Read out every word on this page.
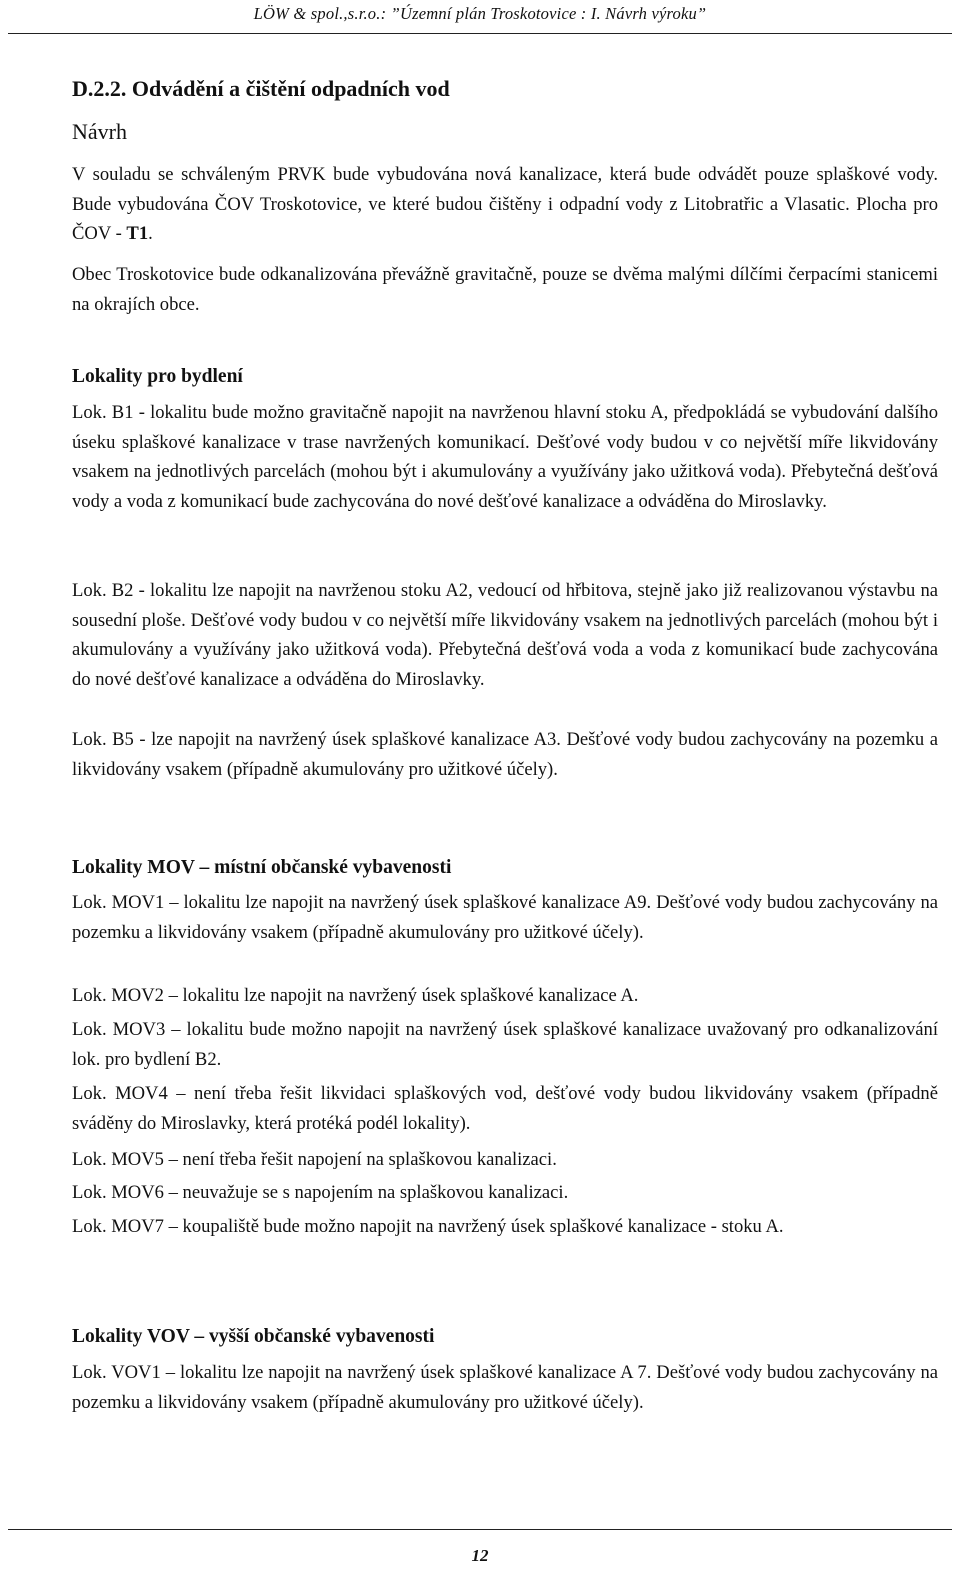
LÖW & spol.,s.r.o.: ”Územní plán Troskotovice : I. Návrh výroku”
D.2.2. Odvádění a čištění odpadních vod
Návrh
V souladu se schváleným PRVK bude vybudována nová kanalizace, která bude odvádět pouze splaškové vody. Bude vybudována ČOV Troskotovice, ve které budou čištěny i odpadní vody z Litobratřic a Vlasatic. Plocha pro ČOV - T1.
Obec Troskotovice bude odkanalizována převážně gravitačně, pouze se dvěma malými dílčími čerpacími stanicemi na okrajích obce.
Lokality pro bydlení
Lok. B1 - lokalitu bude možno gravitačně napojit na navrženou hlavní stoku A, předpokládá se vybudování dalšího úseku splaškové kanalizace v trase navržených komunikací. Dešťové vody budou v co největší míře likvidovány vsakem na jednotlivých parcelách (mohou být i akumulovány a využívány jako užitková voda). Přebytečná dešťová vody a voda z komunikací bude zachycována do nové dešťové kanalizace a odváděna do Miroslavky.
Lok. B2 - lokalitu lze napojit na navrženou stoku A2, vedoucí od hřbitova, stejně jako již realizovanou výstavbu na sousední ploše. Dešťové vody budou v co největší míře likvidovány vsakem na jednotlivých parcelách (mohou být i akumulovány a využívány jako užitková voda). Přebytečná dešťová voda a voda z komunikací bude zachycována do nové dešťové kanalizace a odváděna do Miroslavky.
Lok. B5 - lze napojit na navržený úsek splaškové kanalizace A3. Dešťové vody budou zachycovány na pozemku a likvidovány vsakem (případně akumulovány pro užitkové účely).
Lokality MOV – místní občanské vybavenosti
Lok. MOV1 – lokalitu lze napojit na navržený úsek splaškové kanalizace A9. Dešťové vody budou zachycovány na pozemku a likvidovány vsakem (případně akumulovány pro užitkové účely).
Lok. MOV2 – lokalitu lze napojit na navržený úsek splaškové kanalizace A.
Lok. MOV3 – lokalitu bude možno napojit na navržený úsek splaškové kanalizace uvažovaný pro odkanalizování lok. pro bydlení B2.
Lok. MOV4 – není třeba řešit likvidaci splaškových vod, dešťové vody budou likvidovány vsakem (případně sváděny do Miroslavky, která protéká podél lokality).
Lok. MOV5 – není třeba řešit napojení na splaškovou kanalizaci.
Lok. MOV6 – neuvažuje se s napojením na splaškovou kanalizaci.
Lok. MOV7 – koupaliště bude možno napojit na navržený úsek splaškové kanalizace - stoku A.
Lokality VOV – vyšší občanské vybavenosti
Lok. VOV1 – lokalitu lze napojit na navržený úsek splaškové kanalizace A 7. Dešťové vody budou zachycovány na pozemku a likvidovány vsakem (případně akumulovány pro užitkové účely).
12
